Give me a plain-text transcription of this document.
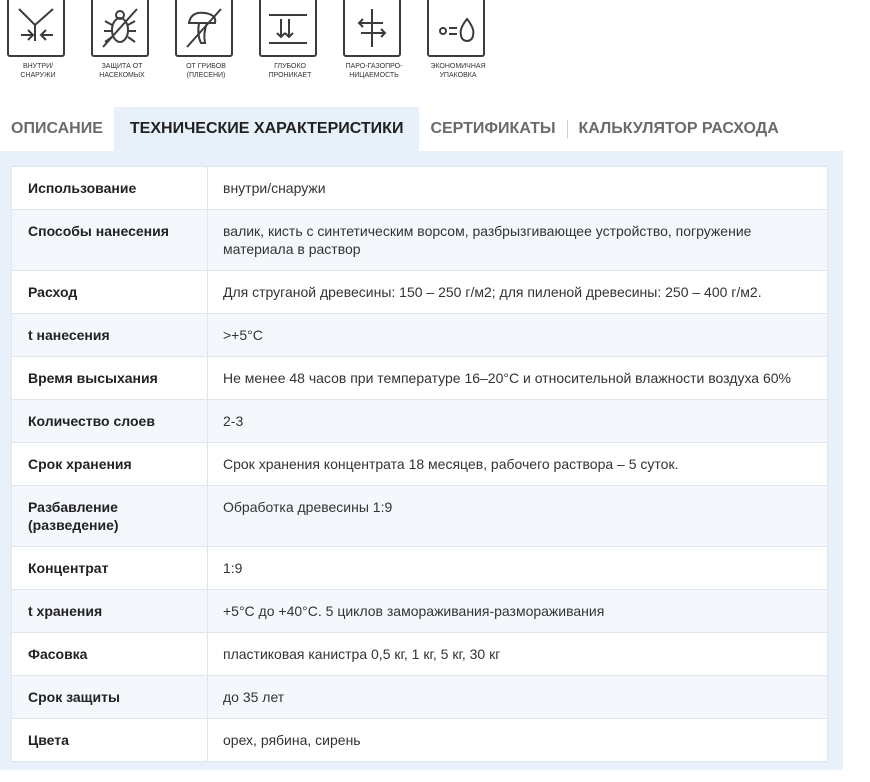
ВНУТРИ/
СНАРУЖИ
ЗАЩИТА ОТ
НАСЕКОМЫХ
ОТ ГРИБОВ
(ПЛЕСЕНИ)
ГЛУБОКО
ПРОНИКАЕТ
ПАРО-ГАЗОПРО-
НИЦАЕМОСТЬ
ЭКОНОМИЧНАЯ
УПАКОВКА
ОПИСАНИЕ	ТЕХНИЧЕСКИЕ ХАРАКТЕРИСТИКИ	СЕРТИФИКАТЫ	КАЛЬКУЛЯТОР РАСХОДА
Использование	внутри/снаружи
Способы нанесения	валик, кисть с синтетическим ворсом, разбрызгивающее устройство, погружение материала в раствор
Расход	Для струганой древесины: 150 – 250 г/м2; для пиленой древесины: 250 – 400 г/м2.
t нанесения	>+5°С
Время высыхания	Не менее 48 часов при температуре 16–20°С и относительной влажности воздуха 60%
Количество слоев	2-3
Срок хранения	Срок хранения концентрата 18 месяцев, рабочего раствора – 5 суток.
Разбавление (разведение)	Обработка древесины 1:9
Концентрат	1:9
t хранения	+5°С до +40°С. 5 циклов замораживания-размораживания
Фасовка	пластиковая канистра 0,5 кг, 1 кг, 5 кг, 30 кг
Срок защиты	до 35 лет
Цвета	орех, рябина, сирень
